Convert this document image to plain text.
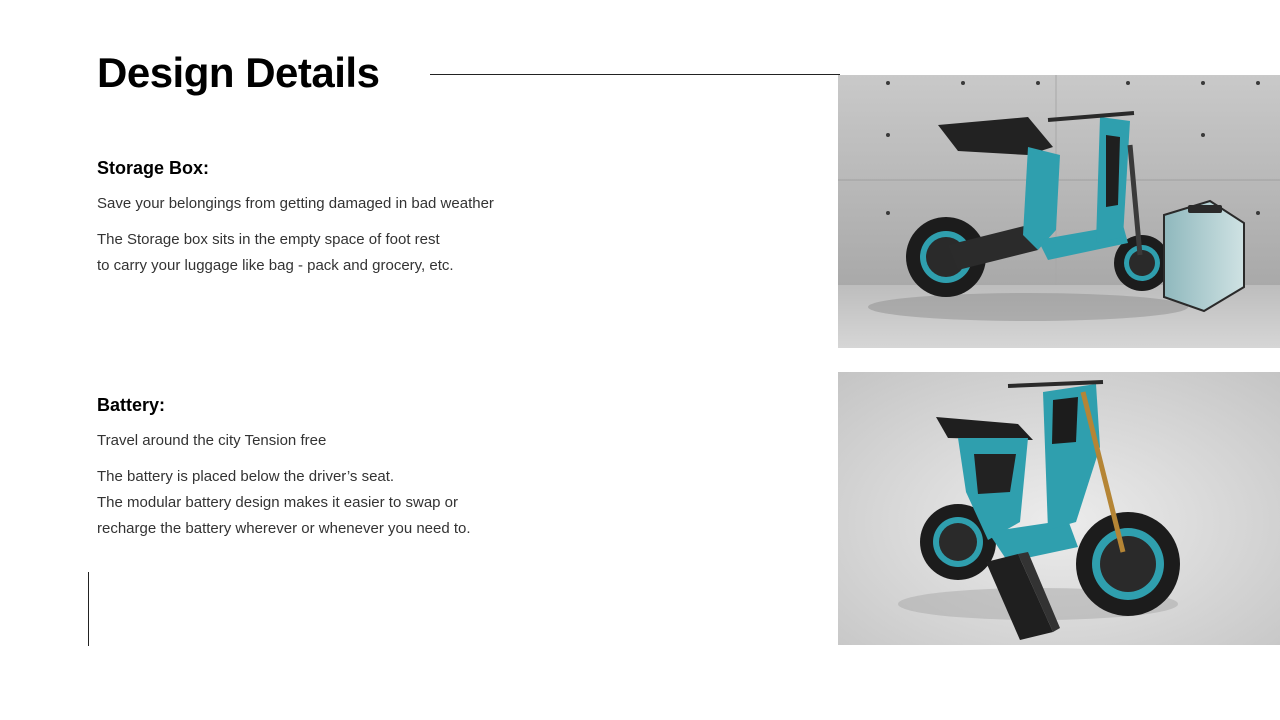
Design Details
Storage Box:

Save your belongings from getting damaged in bad weather

The Storage box sits in the empty space of foot rest
to carry your luggage like bag - pack and grocery, etc.
Battery:

Travel around the city Tension free

The battery is placed below the driver’s seat.
The modular battery design makes it easier to swap or
recharge the battery wherever or whenever you need to.
